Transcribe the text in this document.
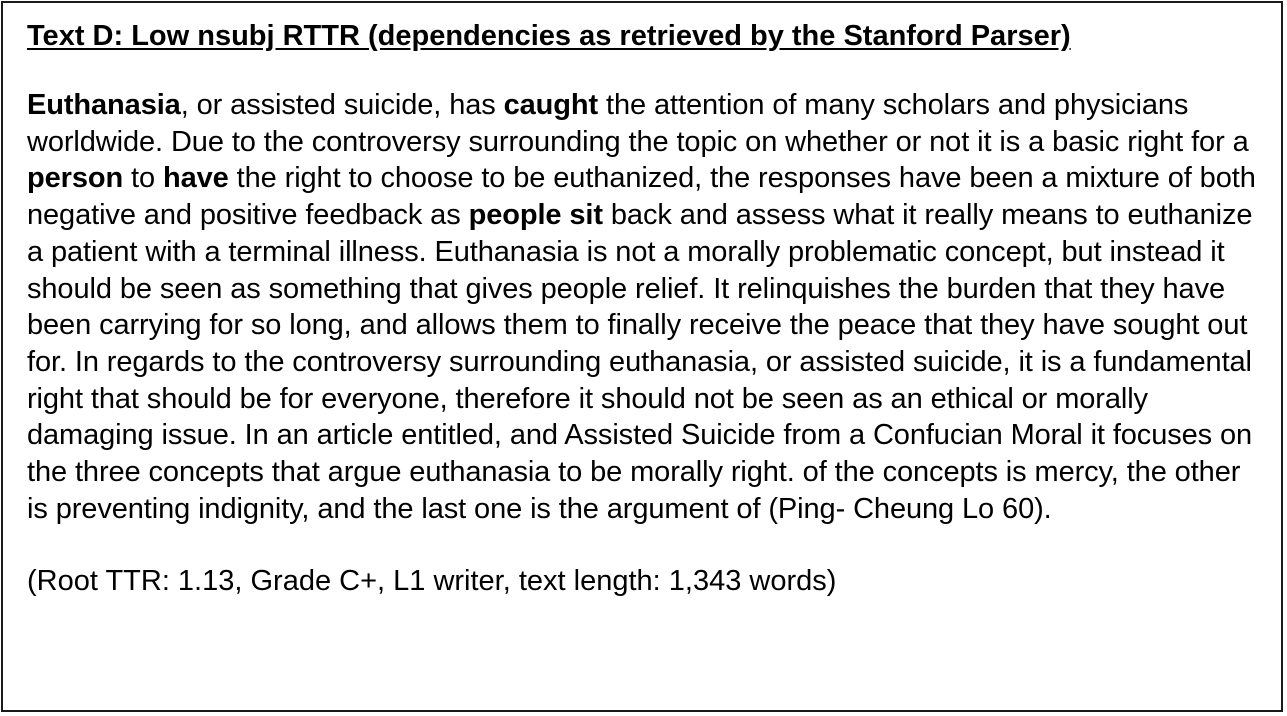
Text D: Low nsubj RTTR (dependencies as retrieved by the Stanford Parser)

Euthanasia, or assisted suicide, has caught the attention of many scholars and physicians worldwide. Due to the controversy surrounding the topic on whether or not it is a basic right for a person to have the right to choose to be euthanized, the responses have been a mixture of both negative and positive feedback as people sit back and assess what it really means to euthanize a patient with a terminal illness. Euthanasia is not a morally problematic concept, but instead it should be seen as something that gives people relief. It relinquishes the burden that they have been carrying for so long, and allows them to finally receive the peace that they have sought out for. In regards to the controversy surrounding euthanasia, or assisted suicide, it is a fundamental right that should be for everyone, therefore it should not be seen as an ethical or morally damaging issue. In an article entitled, and Assisted Suicide from a Confucian Moral it focuses on the three concepts that argue euthanasia to be morally right. of the concepts is mercy, the other is preventing indignity, and the last one is the argument of (Ping- Cheung Lo 60).

(Root TTR: 1.13, Grade C+, L1 writer, text length: 1,343 words)
